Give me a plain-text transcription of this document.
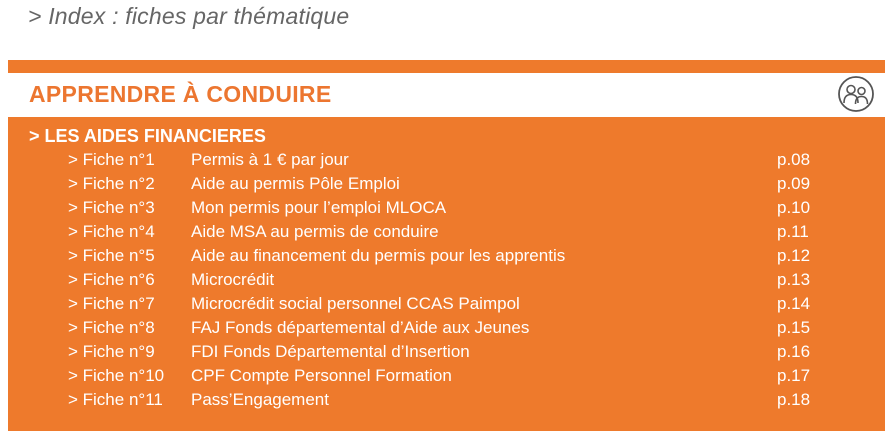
> Index : fiches par thématique
APPRENDRE À CONDUIRE
> LES AIDES FINANCIERES
> Fiche n°1 Permis à 1 € par jour	p.08
> Fiche n°2 Aide au permis Pôle Emploi	p.09
> Fiche n°3 Mon permis pour l’emploi MLOCA	p.10
> Fiche n°4 Aide MSA au permis de conduire	p.11
> Fiche n°5 Aide au financement du permis pour les apprentis	p.12
> Fiche n°6 Microcrédit	p.13
> Fiche n°7 Microcrédit social personnel CCAS Paimpol	p.14
> Fiche n°8 FAJ Fonds départemental d’Aide aux Jeunes	p.15
> Fiche n°9 FDI Fonds Départemental d’Insertion	p.16
> Fiche n°10 CPF Compte Personnel Formation	p.17
> Fiche n°11 Pass’Engagement	p.18
